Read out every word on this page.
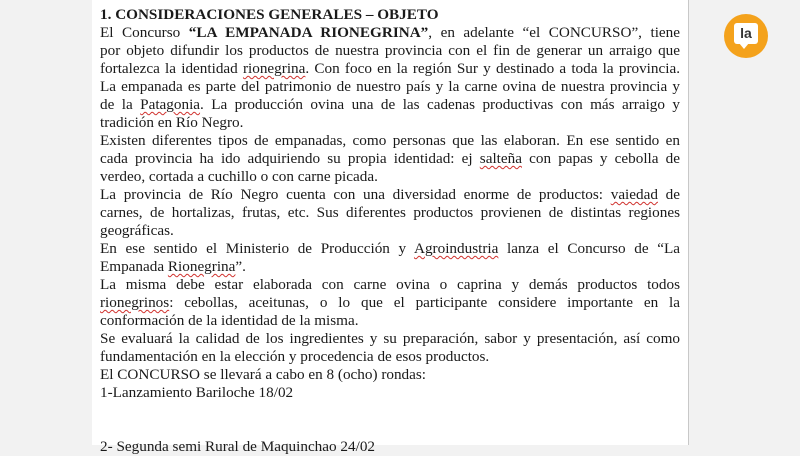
1. CONSIDERACIONES GENERALES – OBJETO

El Concurso “LA EMPANADA RIONEGRINA”, en adelante “el CONCURSO”, tiene

por objeto difundir los productos de nuestra provincia con el fin de generar un arraigo que

fortalezca la identidad rionegrina. Con foco en la región Sur y destinado a toda la provincia.

La empanada es parte del patrimonio de nuestro país y la carne ovina de nuestra provincia y

de la Patagonia. La producción ovina una de las cadenas productivas con más arraigo y

tradición en Río Negro.

Existen diferentes tipos de empanadas, como personas que las elaboran. En ese sentido en

cada provincia ha ido adquiriendo su propia identidad: ej salteña con papas y cebolla de

verdeo, cortada a cuchillo o con carne picada.

La provincia de Río Negro cuenta con una diversidad enorme de productos: vaiedad de

carnes, de hortalizas, frutas, etc. Sus diferentes productos provienen de distintas regiones

geográficas.

En ese sentido el Ministerio de Producción y Agroindustria lanza el Concurso de “La

Empanada Rionegrina”.

La misma debe estar elaborada con carne ovina o caprina y demás productos todos

rionegrinos: cebollas, aceitunas, o lo que el participante considere importante en la

conformación de la identidad de la misma.

Se evaluará la calidad de los ingredientes y su preparación, sabor y presentación, así como

fundamentación en la elección y procedencia de esos productos.

El CONCURSO se llevará a cabo en 8 (ocho) rondas:

1-Lanzamiento Bariloche 18/02

2- Segunda semi Rural de Maquinchao 24/02

la
